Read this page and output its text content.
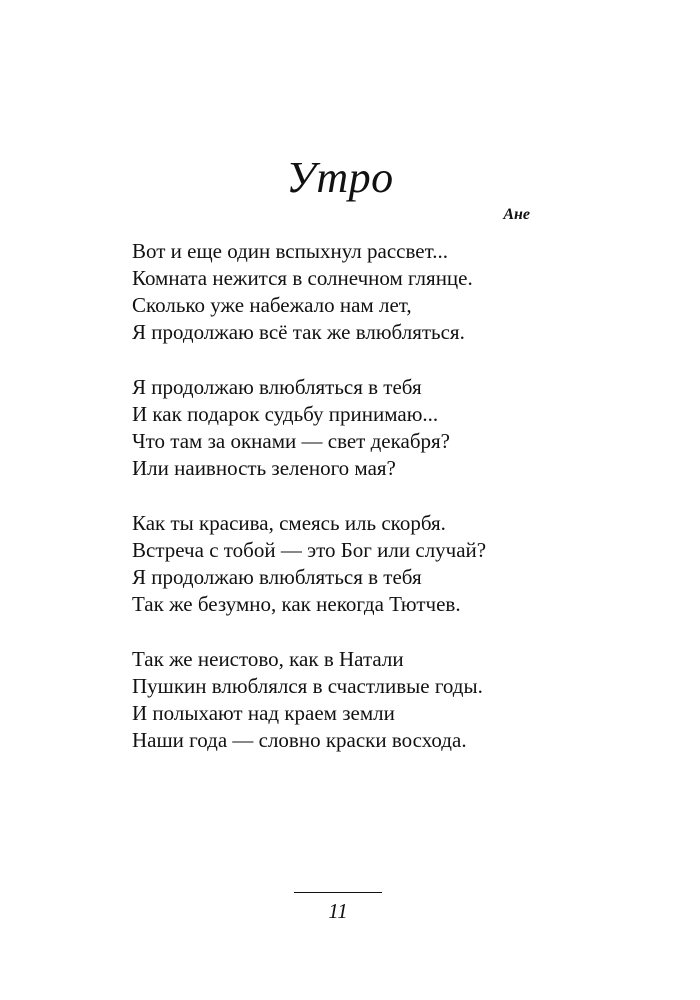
Утро
Ане
Вот и еще один вспыхнул рассвет...
Комната нежится в солнечном глянце.
Сколько уже набежало нам лет,
Я продолжаю всё так же влюбляться.
Я продолжаю влюбляться в тебя
И как подарок судьбу принимаю...
Что там за окнами — свет декабря?
Или наивность зеленого мая?
Как ты красива, смеясь иль скорбя.
Встреча с тобой — это Бог или случай?
Я продолжаю влюбляться в тебя
Так же безумно, как некогда Тютчев.
Так же неистово, как в Натали
Пушкин влюблялся в счастливые годы.
И полыхают над краем земли
Наши года — словно краски восхода.
11
